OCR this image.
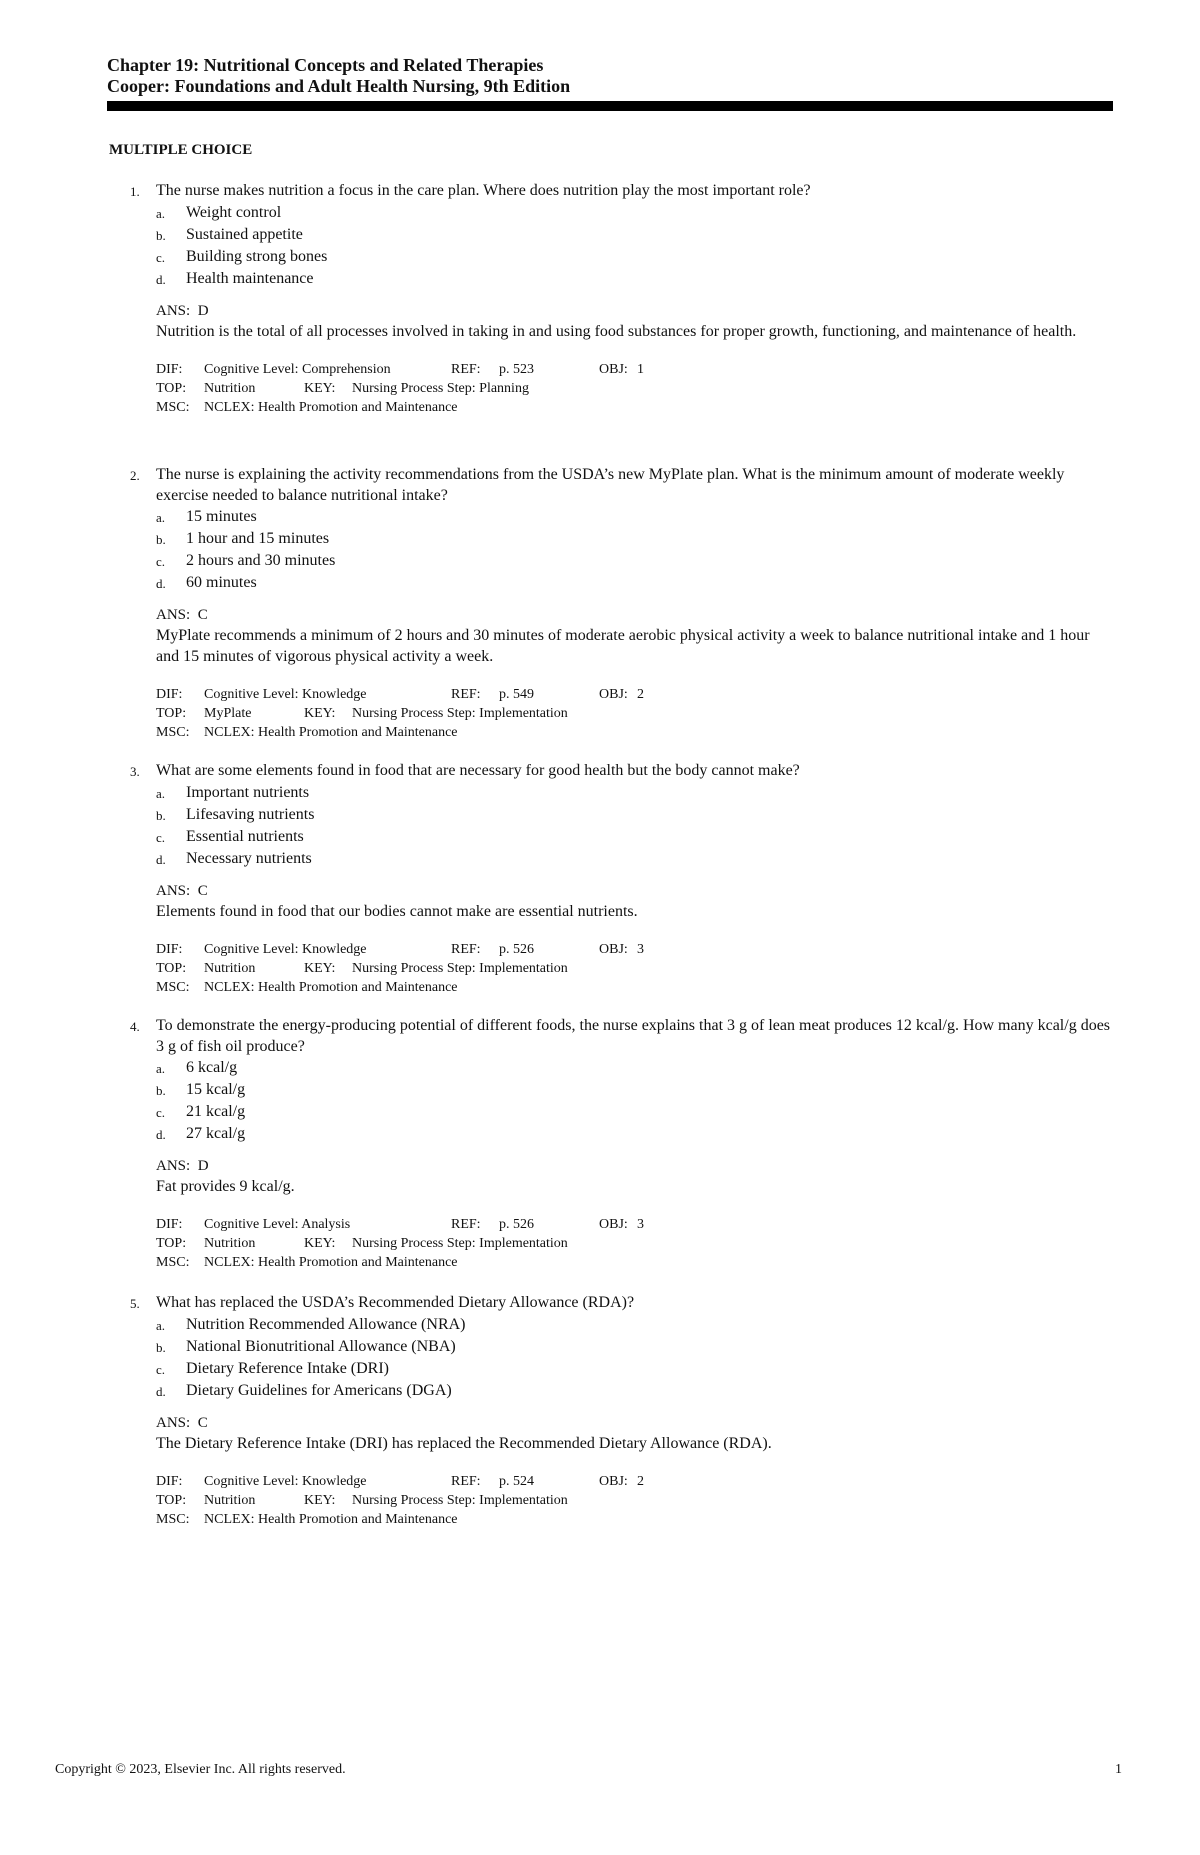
Chapter 19: Nutritional Concepts and Related Therapies
Cooper: Foundations and Adult Health Nursing, 9th Edition
MULTIPLE CHOICE
1.	The nurse makes nutrition a focus in the care plan. Where does nutrition play the most important role?
a.	Weight control
b.	Sustained appetite
c.	Building strong bones
d.	Health maintenance
ANS: D
Nutrition is the total of all processes involved in taking in and using food substances for proper growth, functioning, and maintenance of health.
DIF:	Cognitive Level: Comprehension	REF:	p. 523	OBJ: 1
TOP:	Nutrition	KEY:	Nursing Process Step: Planning
MSC:	NCLEX: Health Promotion and Maintenance
2.	The nurse is explaining the activity recommendations from the USDA’s new MyPlate plan. What is the minimum amount of moderate weekly exercise needed to balance nutritional intake?
a.	15 minutes
b.	1 hour and 15 minutes
c.	2 hours and 30 minutes
d.	60 minutes
ANS: C
MyPlate recommends a minimum of 2 hours and 30 minutes of moderate aerobic physical activity a week to balance nutritional intake and 1 hour and 15 minutes of vigorous physical activity a week.
DIF:	Cognitive Level: Knowledge	REF:	p. 549	OBJ: 2
TOP:	MyPlate	KEY:	Nursing Process Step: Implementation
MSC:	NCLEX: Health Promotion and Maintenance
3.	What are some elements found in food that are necessary for good health but the body cannot make?
a.	Important nutrients
b.	Lifesaving nutrients
c.	Essential nutrients
d.	Necessary nutrients
ANS: C
Elements found in food that our bodies cannot make are essential nutrients.
DIF:	Cognitive Level: Knowledge	REF:	p. 526	OBJ: 3
TOP:	Nutrition	KEY:	Nursing Process Step: Implementation
MSC:	NCLEX: Health Promotion and Maintenance
4.	To demonstrate the energy-producing potential of different foods, the nurse explains that 3 g of lean meat produces 12 kcal/g. How many kcal/g does 3 g of fish oil produce?
a.	6 kcal/g
b.	15 kcal/g
c.	21 kcal/g
d.	27 kcal/g
ANS: D
Fat provides 9 kcal/g.
DIF:	Cognitive Level: Analysis	REF:	p. 526	OBJ: 3
TOP:	Nutrition	KEY:	Nursing Process Step: Implementation
MSC:	NCLEX: Health Promotion and Maintenance
5.	What has replaced the USDA’s Recommended Dietary Allowance (RDA)?
a.	Nutrition Recommended Allowance (NRA)
b.	National Bionutritional Allowance (NBA)
c.	Dietary Reference Intake (DRI)
d.	Dietary Guidelines for Americans (DGA)
ANS: C
The Dietary Reference Intake (DRI) has replaced the Recommended Dietary Allowance (RDA).
DIF:	Cognitive Level: Knowledge	REF:	p. 524	OBJ: 2
TOP:	Nutrition	KEY:	Nursing Process Step: Implementation
MSC:	NCLEX: Health Promotion and Maintenance
Copyright © 2023, Elsevier Inc. All rights reserved.	1
